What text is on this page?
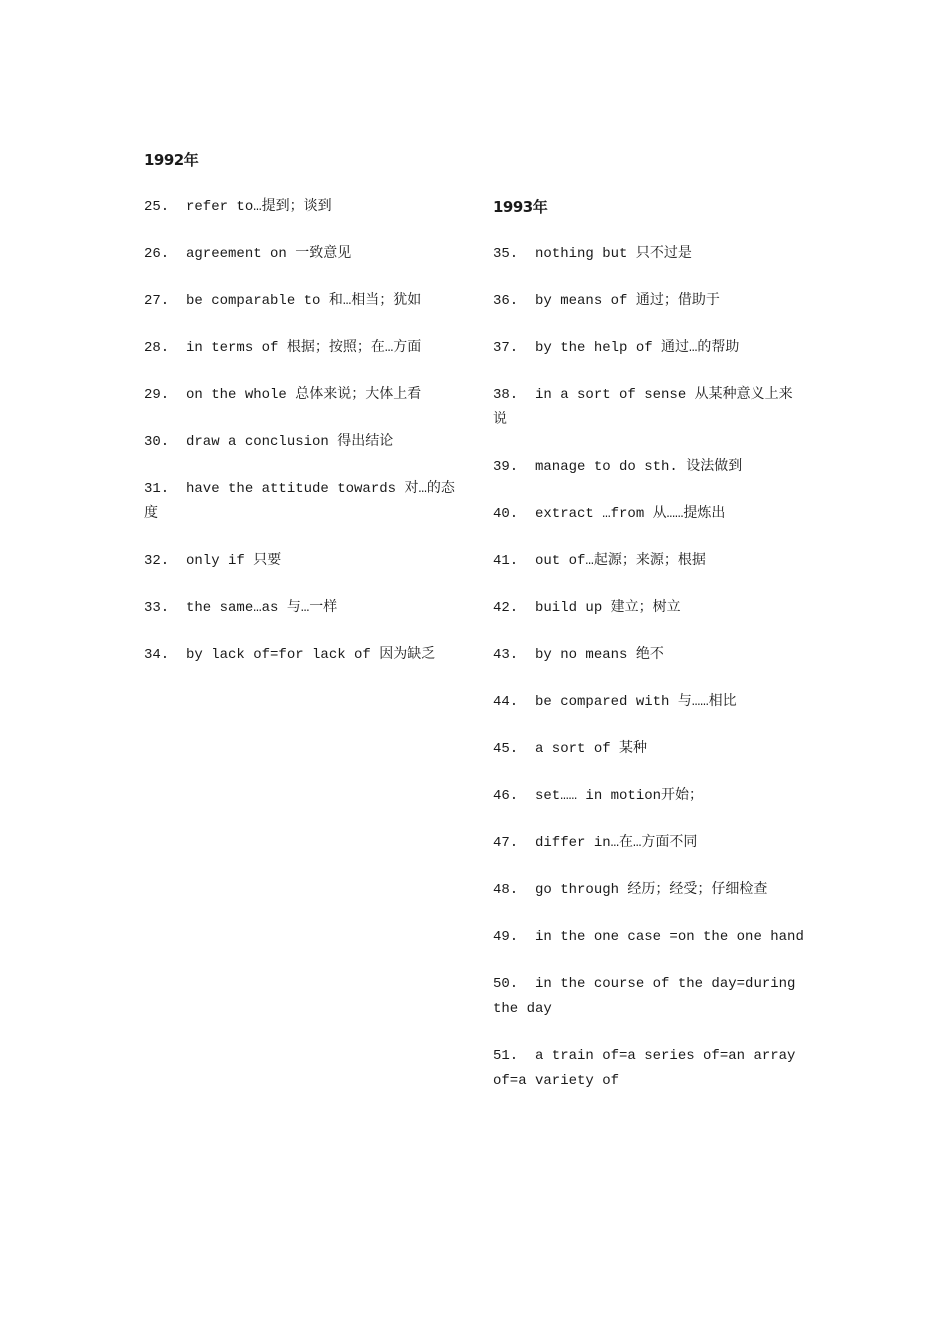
1992年

25.  refer to…提到；谈到

26.  agreement on 一致意见

27.  be comparable to 和…相当；犹如

28.  in terms of 根据；按照；在…方面

29.  on the whole 总体来说；大体上看

30.  draw a conclusion 得出结论

31.  have the attitude towards 对…的态度

32.  only if 只要

33.  the same…as 与…一样

34.  by lack of=for lack of 因为缺乏

1993年

35.  nothing but 只不过是

36.  by means of 通过；借助于

37.  by the help of 通过…的帮助

38.  in a sort of sense 从某种意义上来说

39.  manage to do sth. 设法做到

40.  extract …from 从……提炼出

41.  out of…起源；来源；根据

42.  build up 建立；树立

43.  by no means 绝不

44.  be compared with 与……相比

45.  a sort of 某种

46.  set…… in motion开始；

47.  differ in…在…方面不同

48.  go through 经历；经受；仔细检查

49.  in the one case =on the one hand

50.  in the course of the day=during the day

51.  a train of=a series of=an array of=a variety of
